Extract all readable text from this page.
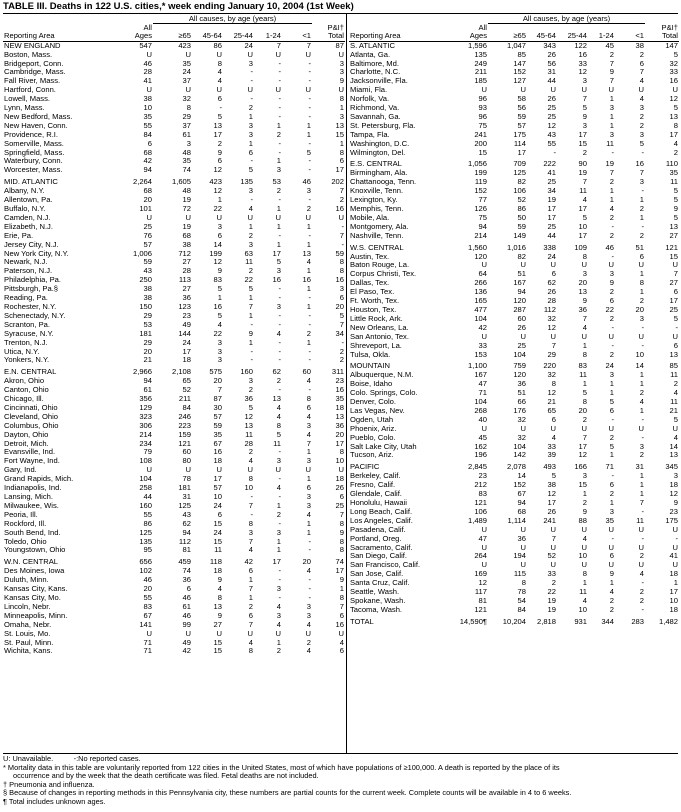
TABLE III. Deaths in 122 U.S. cities,* week ending January 10, 2004 (1st Week)
		All causes, by age (years)					
Reporting Area	All
Ages	≥65	45-64	25-44	1-24	<1	P&I†
Total
NEW ENGLAND	547	423	86	24	7	7	87
Boston, Mass.	U	U	U	U	U	U	U
Bridgeport, Conn.	46	35	8	3	-	-	3
Cambridge, Mass.	28	24	4	-	-	-	3
Fall River, Mass.	41	37	4	-	-	-	9
Hartford, Conn.	U	U	U	U	U	U	U
Lowell, Mass.	38	32	6	-	-	-	8
Lynn, Mass.	10	8	-	2	-	-	1
New Bedford, Mass.	35	29	5	1	-	-	3
New Haven, Conn.	55	37	13	3	1	1	13
Providence, R.I.	84	61	17	3	2	1	15
Somerville, Mass.	6	3	2	1	-	-	1
Springfield, Mass.	68	48	9	6	-	5	8
Waterbury, Conn.	42	35	6	-	1	-	6
Worcester, Mass.	94	74	12	5	3	-	17
MID. ATLANTIC	2,264	1,605	423	135	53	46	202
Albany, N.Y.	68	48	12	3	2	3	7
Allentown, Pa.	20	19	1	-	-	-	2
Buffalo, N.Y.	101	72	22	4	1	2	16
Camden, N.J.	U	U	U	U	U	U	U
Elizabeth, N.J.	25	19	3	1	1	1	-
Erie, Pa.	76	68	6	2	-	-	7
Jersey City, N.J.	57	38	14	3	1	1	-
New York City, N.Y.	1,006	712	199	63	17	13	59
Newark, N.J.	59	27	12	11	5	4	8
Paterson, N.J.	43	28	9	2	3	1	8
Philadelphia, Pa.	250	113	83	22	16	16	16
Pittsburgh, Pa.§	38	27	5	5	-	1	3
Reading, Pa.	38	36	1	1	-	-	6
Rochester, N.Y.	150	123	16	7	3	1	20
Schenectady, N.Y.	29	23	5	1	-	-	5
Scranton, Pa.	53	49	4	-	-	-	7
Syracuse, N.Y.	181	144	22	9	4	2	34
Trenton, N.J.	29	24	3	1	-	1	-
Utica, N.Y.	20	17	3	-	-	-	2
Yonkers, N.Y.	21	18	3	-	-	-	2
E.N. CENTRAL	2,966	2,108	575	160	62	60	311
Akron, Ohio	94	65	20	3	2	4	23
Canton, Ohio	61	52	7	2	-	-	16
Chicago, Ill.	356	211	87	36	13	8	35
Cincinnati, Ohio	129	84	30	5	4	6	18
Cleveland, Ohio	323	246	57	12	4	4	13
Columbus, Ohio	306	223	59	13	8	3	36
Dayton, Ohio	214	159	35	11	5	4	20
Detroit, Mich.	234	121	67	28	11	7	17
Evansville, Ind.	79	60	16	2	-	1	8
Fort Wayne, Ind.	108	80	18	4	3	3	10
Gary, Ind.	U	U	U	U	U	U	U
Grand Rapids, Mich.	104	78	17	8	-	1	18
Indianapolis, Ind.	258	181	57	10	4	6	26
Lansing, Mich.	44	31	10	-	-	3	6
Milwaukee, Wis.	160	125	24	7	1	3	25
Peoria, Ill.	55	43	6	-	2	4	7
Rockford, Ill.	86	62	15	8	-	1	8
South Bend, Ind.	125	94	24	3	3	1	9
Toledo, Ohio	135	112	15	7	1	-	8
Youngstown, Ohio	95	81	11	4	1	-	8
W.N. CENTRAL	656	459	118	42	17	20	74
Des Moines, Iowa	102	74	18	6	-	4	17
Duluth, Minn.	46	36	9	1	-	-	9
Kansas City, Kans.	20	6	4	7	3	-	1
Kansas City, Mo.	55	46	8	1	-	-	8
Lincoln, Nebr.	83	61	13	2	4	3	7
Minneapolis, Minn.	67	46	9	6	3	3	6
Omaha, Nebr.	141	99	27	7	4	4	16
St. Louis, Mo.	U	U	U	U	U	U	U
St. Paul, Minn.	71	49	15	4	1	2	4
Wichita, Kans.	71	42	15	8	2	4	6
		All causes, by age (years)					
Reporting Area	All
Ages	≥65	45-64	25-44	1-24	<1	P&I†
Total
S. ATLANTIC	1,596	1,047	343	122	45	38	147
Atlanta, Ga.	135	85	26	16	2	2	5
Baltimore, Md.	249	147	56	33	7	6	32
Charlotte, N.C.	211	152	31	12	9	7	33
Jacksonville, Fla.	185	127	44	3	7	4	16
Miami, Fla.	U	U	U	U	U	U	U
Norfolk, Va.	96	58	26	7	1	4	12
Richmond, Va.	93	56	25	5	3	3	5
Savannah, Ga.	96	59	25	9	1	2	13
St. Petersburg, Fla.	75	57	12	3	1	2	8
Tampa, Fla.	241	175	43	17	3	3	17
Washington, D.C.	200	114	55	15	11	5	4
Wilmington, Del.	15	17	-	2	-	-	2
E.S. CENTRAL	1,056	709	222	90	19	16	110
Birmingham, Ala.	199	125	41	19	7	7	35
Chattanooga, Tenn.	119	82	25	7	2	3	11
Knoxville, Tenn.	152	106	34	11	1	-	5
Lexington, Ky.	77	52	19	4	1	1	5
Memphis, Tenn.	126	86	17	17	4	2	9
Mobile, Ala.	75	50	17	5	2	1	5
Montgomery, Ala.	94	59	25	10	-	-	13
Nashville, Tenn.	214	149	44	17	2	2	27
W.S. CENTRAL	1,560	1,016	338	109	46	51	121
Austin, Tex.	120	82	24	8	-	6	15
Baton Rouge, La.	U	U	U	U	U	U	U
Corpus Christi, Tex.	64	51	6	3	3	1	7
Dallas, Tex.	266	167	62	20	9	8	27
El Paso, Tex.	136	94	26	13	2	1	6
Ft. Worth, Tex.	165	120	28	9	6	2	17
Houston, Tex.	477	287	112	36	22	20	25
Little Rock, Ark.	104	60	32	7	2	3	5
New Orleans, La.	42	26	12	4	-	-	-
San Antonio, Tex.	U	U	U	U	U	U	U
Shreveport, La.	33	25	7	1	-	-	6
Tulsa, Okla.	153	104	29	8	2	10	13
MOUNTAIN	1,100	759	220	83	24	14	85
Albuquerque, N.M.	167	120	32	11	3	1	11
Boise, Idaho	47	36	8	1	1	1	2
Colo. Springs, Colo.	71	51	12	5	1	2	4
Denver, Colo.	104	66	21	8	5	4	11
Las Vegas, Nev.	268	176	65	20	6	1	21
Ogden, Utah	40	32	6	2	-	-	5
Phoenix, Ariz.	U	U	U	U	U	U	U
Pueblo, Colo.	45	32	4	7	2	-	4
Salt Lake City, Utah	162	104	33	17	5	3	14
Tucson, Ariz.	196	142	39	12	1	2	13
PACIFIC	2,845	2,078	493	166	71	31	345
Berkeley, Calif.	23	14	5	3	-	1	3
Fresno, Calif.	212	152	38	15	6	1	18
Glendale, Calif.	83	67	12	1	2	1	12
Honolulu, Hawaii	121	94	17	2	1	7	9
Long Beach, Calif.	106	68	26	9	3	-	23
Los Angeles, Calif.	1,489	1,114	241	88	35	11	175
Pasadena, Calif.	U	U	U	U	U	U	U
Portland, Oreg.	47	36	7	4	-	-	-
Sacramento, Calif.	U	U	U	U	U	U	U
San Diego, Calif.	264	194	52	10	6	2	41
San Francisco, Calif.	U	U	U	U	U	U	U
San Jose, Calif.	169	115	33	8	9	4	18
Santa Cruz, Calif.	12	8	2	1	1	-	1
Seattle, Wash.	117	78	22	11	4	2	17
Spokane, Wash.	81	54	19	4	2	2	10
Tacoma, Wash.	121	84	19	10	2	-	18
TOTAL	14,590¶	10,204	2,818	931	344	283	1,482
U: Unavailable.	-:No reported cases.
* Mortality data in this table are voluntarily reported from 122 cities in the United States, most of which have populations of ≥100,000. A death is reported by the place of its
occurrence and by the week that the death certificate was filed. Fetal deaths are not included.
† Pneumonia and influenza.
§ Because of changes in reporting methods in this Pennsylvania city, these numbers are partial counts for the current week. Complete counts will be available in 4 to 6 weeks.
¶ Total includes unknown ages.
